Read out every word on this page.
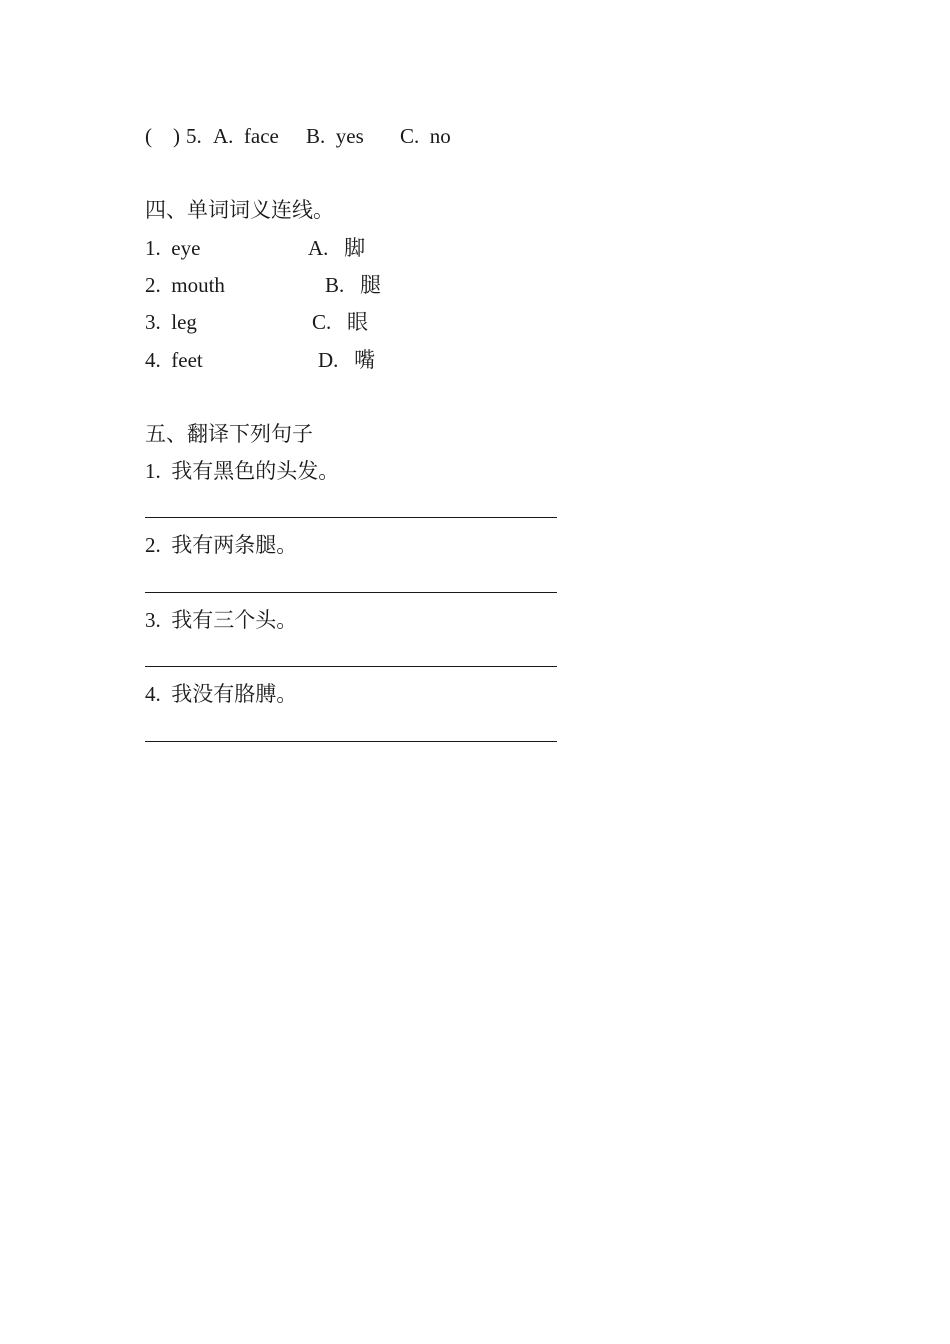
(    ) 5. A.  face B.  yes C.  no
四、单词词义连线。
1.  eye	A.   脚
2.  mouth	B.   腿
3.  leg	C.   眼
4.  feet	D.   嘴
五、翻译下列句子
1.  我有黑色的头发。
2.  我有两条腿。
3.  我有三个头。
4.  我没有胳膊。
